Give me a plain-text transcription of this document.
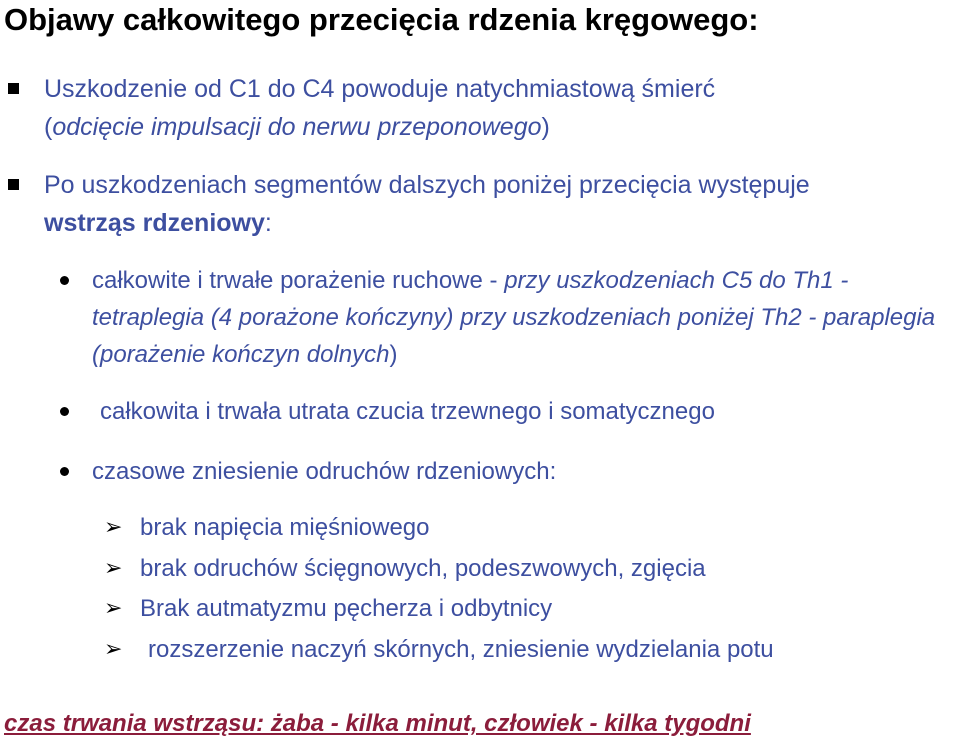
Objawy całkowitego przecięcia rdzenia kręgowego:
Uszkodzenie od C1 do C4 powoduje natychmiastową śmierć
(odcięcie impulsacji do nerwu przeponowego)
Po uszkodzeniach segmentów dalszych poniżej przecięcia występuje
wstrząs rdzeniowy:
całkowite i trwałe porażenie ruchowe - przy uszkodzeniach C5 do Th1 - tetraplegia (4 porażone kończyny) przy uszkodzeniach poniżej Th2 - paraplegia (porażenie kończyn dolnych)
całkowita i trwała utrata czucia trzewnego i somatycznego
czasowe zniesienie odruchów rdzeniowych:
➢ brak napięcia mięśniowego
➢ brak odruchów ścięgnowych, podeszwowych, zgięcia
➢ Brak autmatyzmu pęcherza i odbytnicy
➢ rozszerzenie naczyń skórnych, zniesienie wydzielania potu

czas trwania wstrząsu: żaba - kilka minut, człowiek - kilka tygodni
